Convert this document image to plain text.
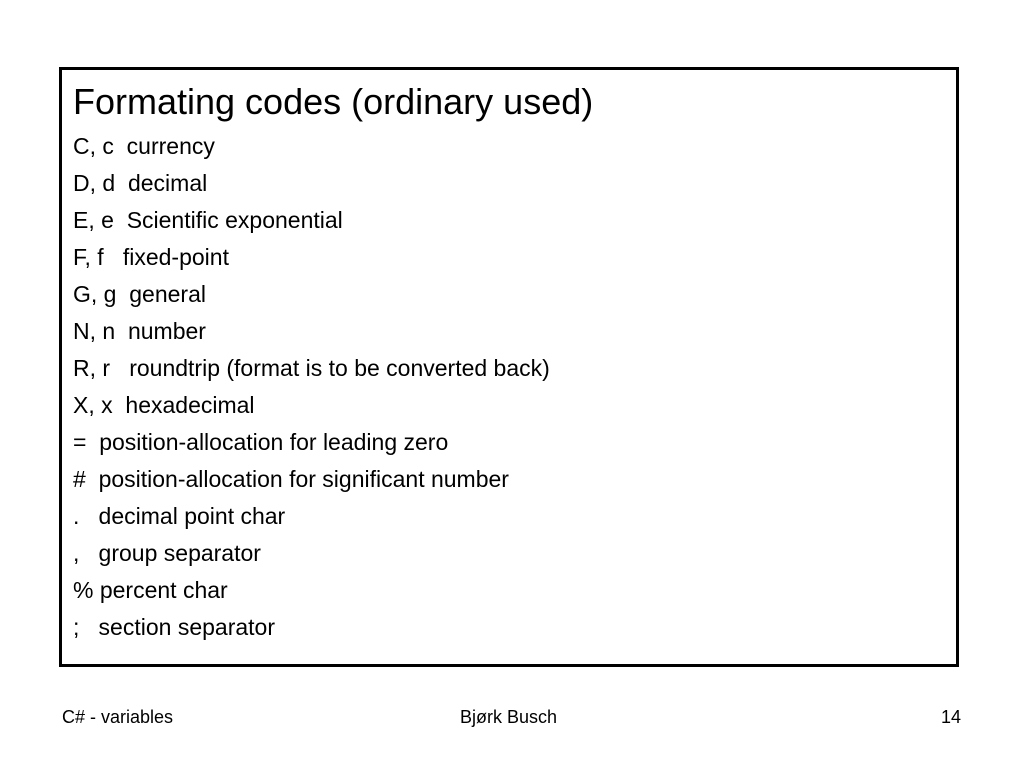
Formating codes (ordinary used)
C, c  currency
D, d  decimal
E, e  Scientific exponential
F, f   fixed-point
G, g  general
N, n  number
R, r   roundtrip (format is to be converted back)
X, x  hexadecimal
=  position-allocation for leading zero
#  position-allocation for significant number
.   decimal point char
,   group separator
% percent char
;   section separator
C# - variables	Bjørk Busch	14
